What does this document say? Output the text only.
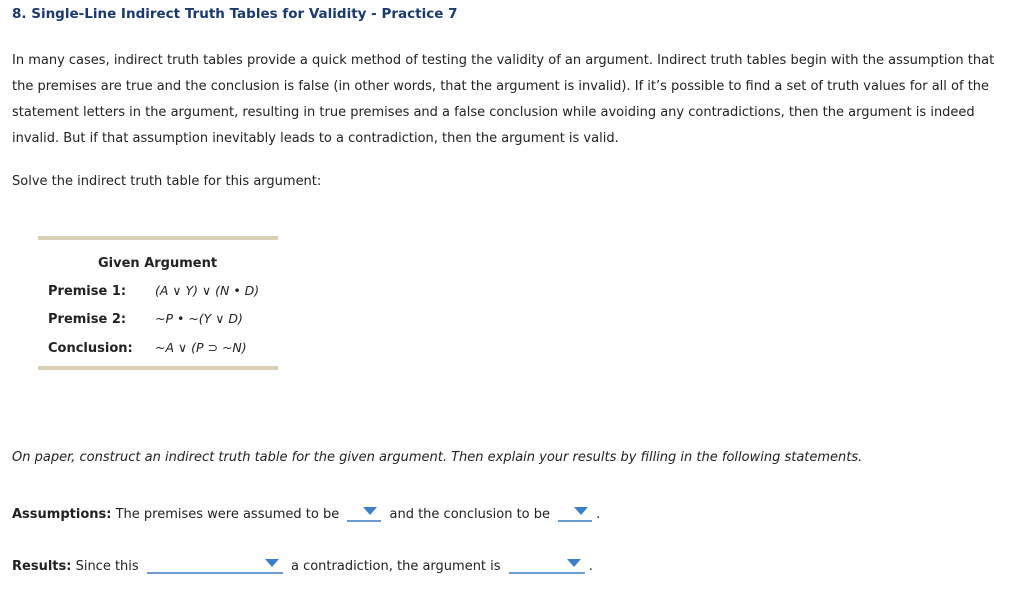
8. Single-Line Indirect Truth Tables for Validity - Practice 7

In many cases, indirect truth tables provide a quick method of testing the validity of an argument. Indirect truth tables begin with the assumption that the premises are true and the conclusion is false (in other words, that the argument is invalid). If it’s possible to find a set of truth values for all of the statement letters in the argument, resulting in true premises and a false conclusion while avoiding any contradictions, then the argument is indeed invalid. But if that assumption inevitably leads to a contradiction, then the argument is valid.

Solve the indirect truth table for this argument:

Given Argument
Premise 1: (A ∨ Y) ∨ (N • D)
Premise 2: ~P • ~(Y ∨ D)
Conclusion: ~A ∨ (P ⊃ ~N)

On paper, construct an indirect truth table for the given argument. Then explain your results by filling in the following statements.

Assumptions: The premises were assumed to be	and the conclusion to be	.

Results: Since this	a contradiction, the argument is	.
